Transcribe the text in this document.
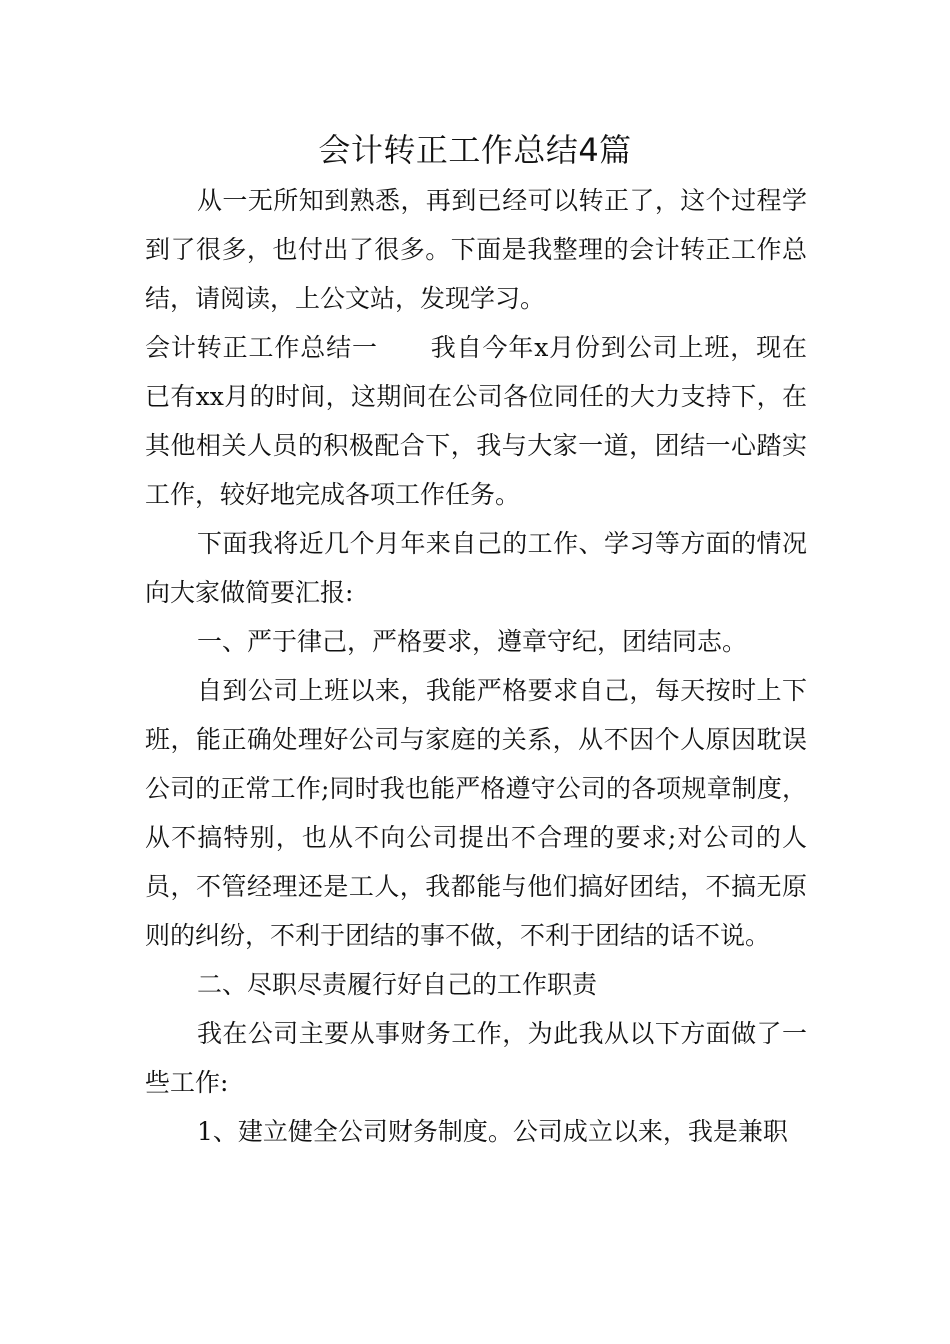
会计转正工作总结4篇

从一无所知到熟悉，再到已经可以转正了，这个过程学到了很多，也付出了很多。下面是我整理的会计转正工作总结，请阅读，上公文站，发现学习。

会计转正工作总结一 我自今年x月份到公司上班，现在已有xx月的时间，这期间在公司各位同任的大力支持下，在其他相关人员的积极配合下，我与大家一道，团结一心踏实工作，较好地完成各项工作任务。

下面我将近几个月年来自己的工作、学习等方面的情况向大家做简要汇报:

一、严于律己，严格要求，遵章守纪，团结同志。

自到公司上班以来，我能严格要求自己，每天按时上下班，能正确处理好公司与家庭的关系，从不因个人原因耽误公司的正常工作;同时我也能严格遵守公司的各项规章制度，从不搞特别，也从不向公司提出不合理的要求;对公司的人员，不管经理还是工人，我都能与他们搞好团结，不搞无原则的纠纷，不利于团结的事不做，不利于团结的话不说。

二、尽职尽责履行好自己的工作职责

我在公司主要从事财务工作，为此我从以下方面做了一些工作:

1、建立健全公司财务制度。公司成立以来，我是兼职
